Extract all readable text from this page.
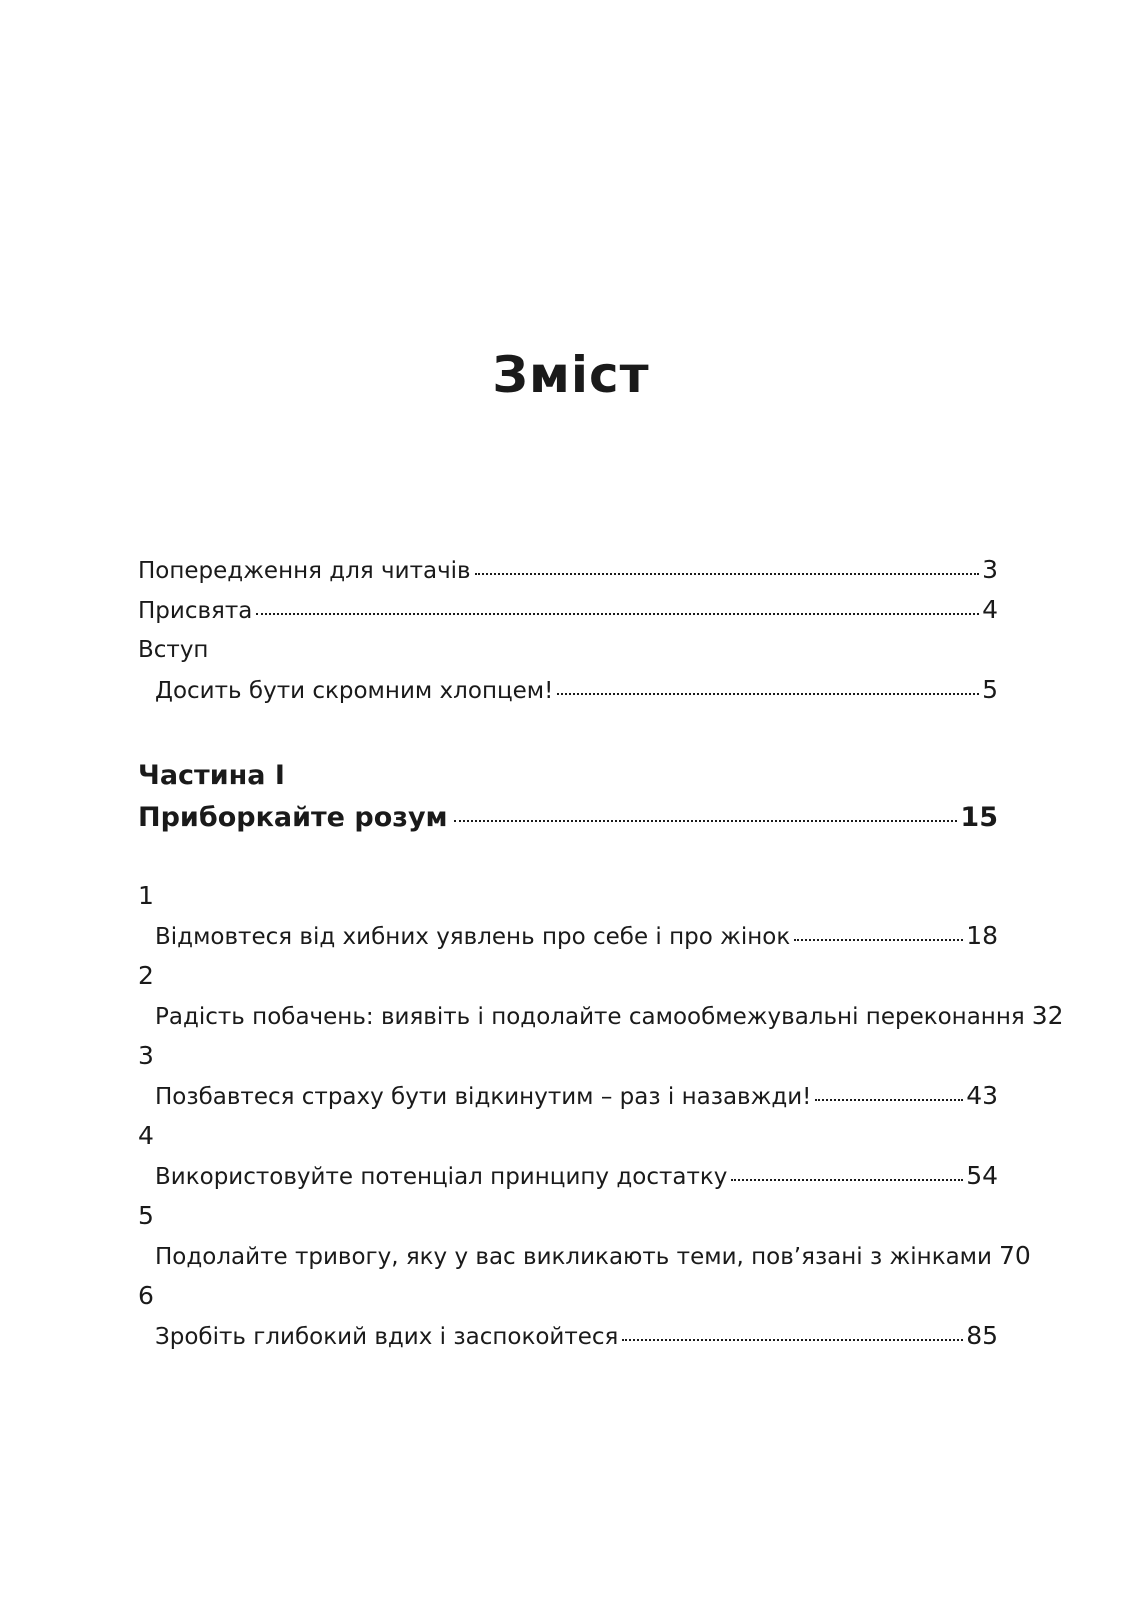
Зміст
Попередження для читачів	3
Присвята	4
Вступ
Досить бути скромним хлопцем!	5
Частина І
Приборкайте розум	15
1
Відмовтеся від хибних уявлень про себе і про жінок	18
2
Радість побачень: виявіть і подолайте самообмежувальні переконання 32
3
Позбавтеся страху бути відкинутим – раз і назавжди!	43
4
Використовуйте потенціал принципу достатку	54
5
Подолайте тривогу, яку у вас викликають теми, пов’язані з жінками 70
6
Зробіть глибокий вдих і заспокойтеся	85
